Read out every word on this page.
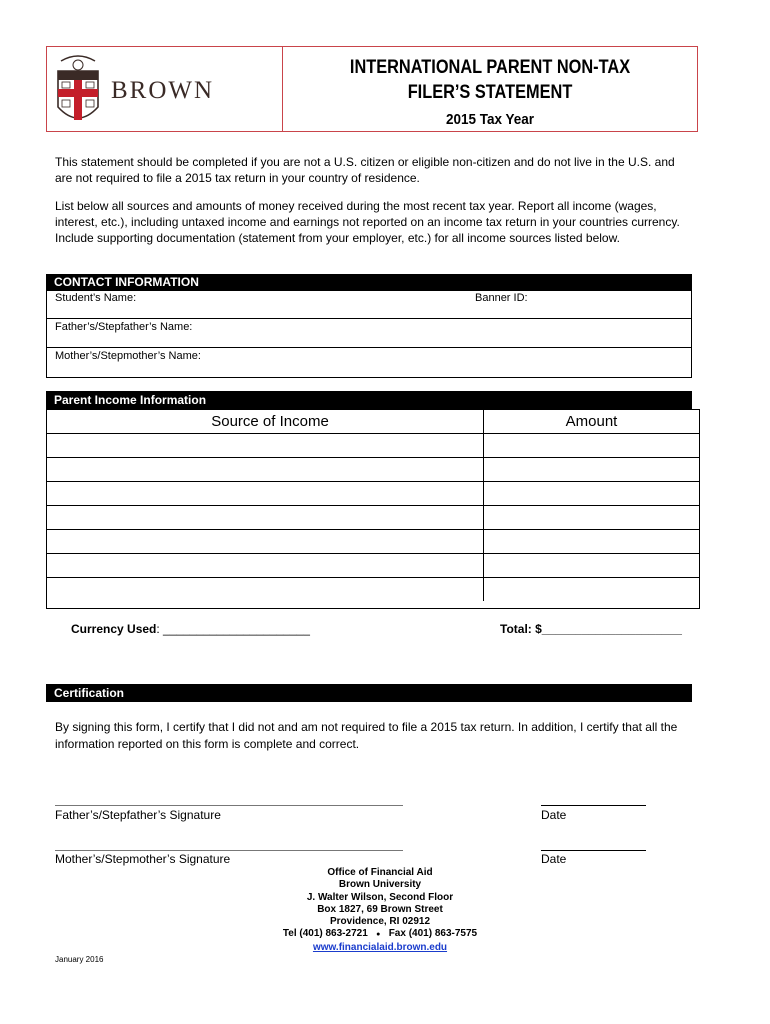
BROWN
INTERNATIONAL PARENT NON-TAX
FILER’S STATEMENT
2015 Tax Year
This statement should be completed if you are not a U.S. citizen or eligible non-citizen and do not live in the U.S. and are not required to file a 2015 tax return in your country of residence.
List below all sources and amounts of money received during the most recent tax year. Report all income (wages, interest, etc.), including untaxed income and earnings not reported on an income tax return in your countries currency. Include supporting documentation (statement from your employer, etc.) for all income sources listed below.
CONTACT INFORMATION
Student’s Name:	Banner ID:
Father’s/Stepfather’s Name:
Mother’s/Stepmother’s Name:
Parent Income Information
Source of Income	Amount
Currency Used: ______________________	Total: $_____________________
Certification
By signing this form, I certify that I did not and am not required to file a 2015 tax return. In addition, I certify that all the information reported on this form is complete and correct.
Father’s/Stepfather’s Signature	Date
Mother’s/Stepmother’s Signature	Date
Office of Financial Aid
Brown University
J. Walter Wilson, Second Floor
Box 1827, 69 Brown Street
Providence, RI 02912
Tel (401) 863-2721 ● Fax (401) 863-7575
www.financialaid.brown.edu
January 2016
